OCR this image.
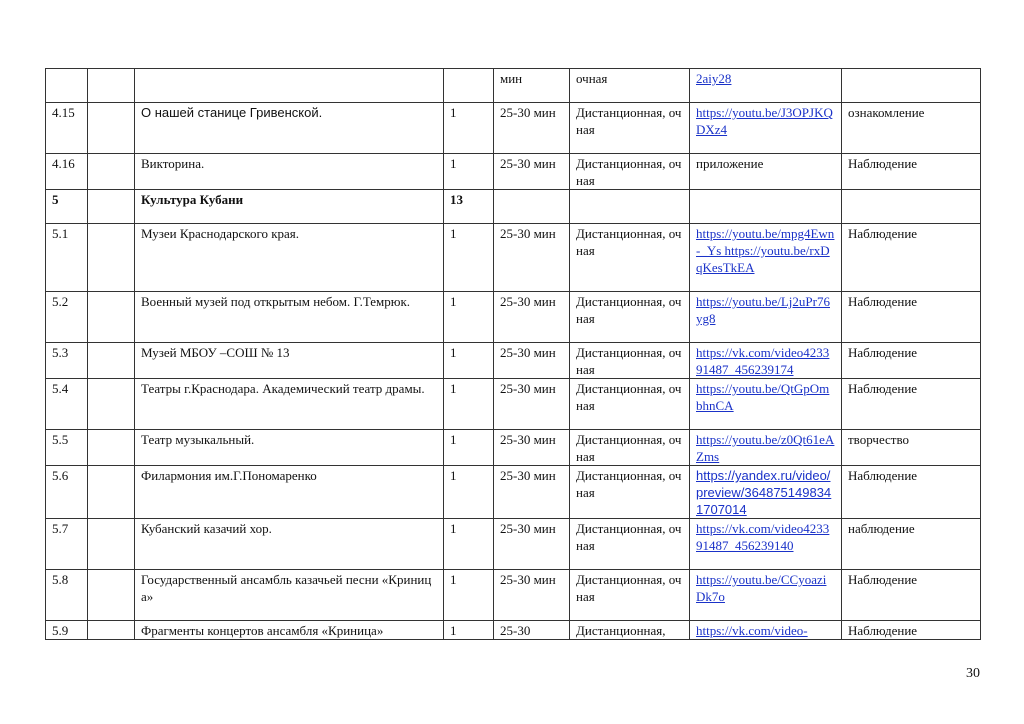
				мин	очная	2aiy28	
4.15		О нашей станице Гривенской.	1	25-30 мин	Дистанционная, очная	https://youtu.be/J3OPJKQDXz4	ознакомление
4.16		Викторина.	1	25-30 мин	Дистанционная, очная	приложение	Наблюдение
5		Культура Кубани	13				
5.1		Музеи Краснодарского края.	1	25-30 мин	Дистанционная, очная	https://youtu.be/mpg4Ewn-_Ys https://youtu.be/rxDqKesTkEA	Наблюдение
5.2		Военный музей под открытым небом. Г.Темрюк.	1	25-30 мин	Дистанционная, очная	https://youtu.be/Lj2uPr76yg8	Наблюдение
5.3		Музей МБОУ –СОШ № 13	1	25-30 мин	Дистанционная, очная	https://vk.com/video423391487_456239174	Наблюдение
5.4		Театры г.Краснодара. Академический театр драмы.	1	25-30 мин	Дистанционная, очная	https://youtu.be/QtGpOmbhnCA	Наблюдение
5.5		Театр музыкальный.	1	25-30 мин	Дистанционная, очная	https://youtu.be/z0Qt61eAZms	творчество
5.6		Филармония им.Г.Пономаренко	1	25-30 мин	Дистанционная, очная	https://yandex.ru/video/preview/3648751498341707014	Наблюдение
5.7		Кубанский казачий хор.	1	25-30 мин	Дистанционная, очная	https://vk.com/video423391487_456239140	наблюдение
5.8		Государственный ансамбль казачьей песни «Криница»	1	25-30 мин	Дистанционная, очная	https://youtu.be/CCyoaziDk7o	Наблюдение
5.9		Фрагменты концертов ансамбля «Криница»	1	25-30	Дистанционная,	https://vk.com/video-	Наблюдение
30
